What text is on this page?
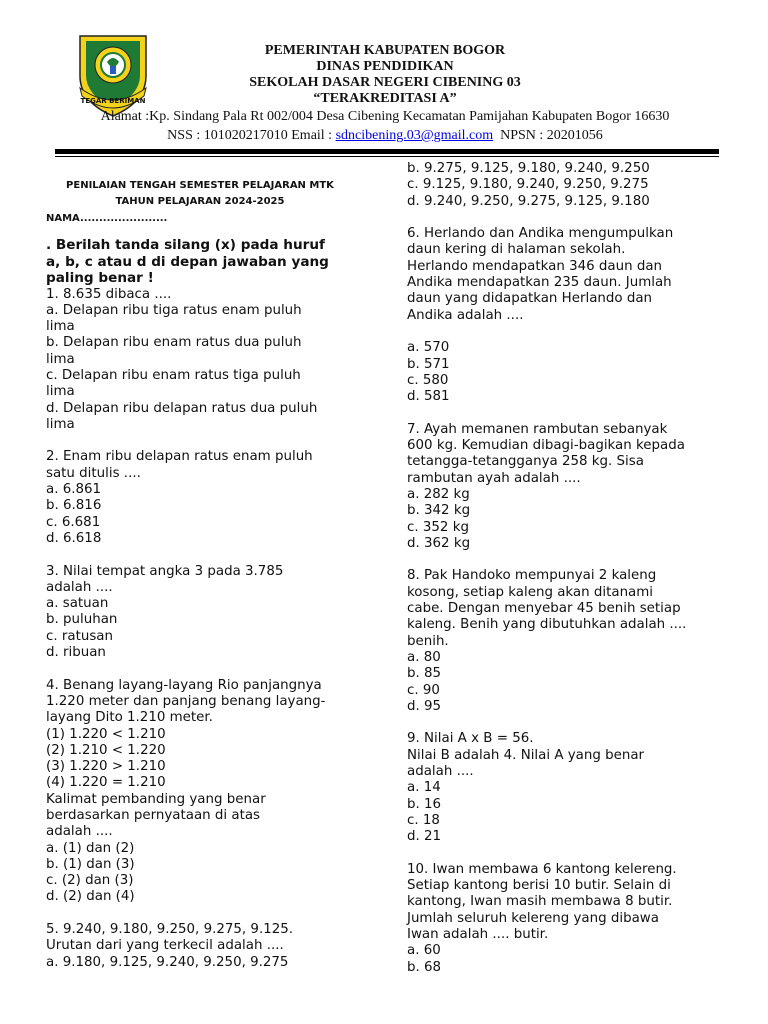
TEGAR BERIMAN
PEMERINTAH KABUPATEN BOGOR
DINAS PENDIDIKAN
SEKOLAH DASAR NEGERI CIBENING 03
“TERAKREDITASI A”
Alamat :Kp. Sindang Pala Rt 002/004 Desa Cibening Kecamatan Pamijahan Kabupaten Bogor 16630
NSS : 101020217010 Email : sdncibening.03@gmail.com NPSN : 20201056
PENILAIAN TENGAH SEMESTER PELAJARAN MTK
TAHUN PELAJARAN 2024-2025
NAMA.......................
. Berilah tanda silang (x) pada huruf
a, b, c atau d di depan jawaban yang
paling benar !
1. 8.635 dibaca ....
a. Delapan ribu tiga ratus enam puluh
lima
b. Delapan ribu enam ratus dua puluh
lima
c. Delapan ribu enam ratus tiga puluh
lima
d. Delapan ribu delapan ratus dua puluh
lima
2. Enam ribu delapan ratus enam puluh
satu ditulis ....
a. 6.861
b. 6.816
c. 6.681
d. 6.618
3. Nilai tempat angka 3 pada 3.785
adalah ....
a. satuan
b. puluhan
c. ratusan
d. ribuan
4. Benang layang-layang Rio panjangnya
1.220 meter dan panjang benang layang-
layang Dito 1.210 meter.
(1) 1.220 < 1.210
(2) 1.210 < 1.220
(3) 1.220 > 1.210
(4) 1.220 = 1.210
Kalimat pembanding yang benar
berdasarkan pernyataan di atas
adalah ....
a. (1) dan (2)
b. (1) dan (3)
c. (2) dan (3)
d. (2) dan (4)
5. 9.240, 9.180, 9.250, 9.275, 9.125.
Urutan dari yang terkecil adalah ....
a. 9.180, 9.125, 9.240, 9.250, 9.275
b. 9.275, 9.125, 9.180, 9.240, 9.250
c. 9.125, 9.180, 9.240, 9.250, 9.275
d. 9.240, 9.250, 9.275, 9.125, 9.180
6. Herlando dan Andika mengumpulkan
daun kering di halaman sekolah.
Herlando mendapatkan 346 daun dan
Andika mendapatkan 235 daun. Jumlah
daun yang didapatkan Herlando dan
Andika adalah ....
a. 570
b. 571
c. 580
d. 581
7. Ayah memanen rambutan sebanyak
600 kg. Kemudian dibagi-bagikan kepada
tetangga-tetangganya 258 kg. Sisa
rambutan ayah adalah ....
a. 282 kg
b. 342 kg
c. 352 kg
d. 362 kg
8. Pak Handoko mempunyai 2 kaleng
kosong, setiap kaleng akan ditanami
cabe. Dengan menyebar 45 benih setiap
kaleng. Benih yang dibutuhkan adalah ....
benih.
a. 80
b. 85
c. 90
d. 95
9. Nilai A x B = 56.
Nilai B adalah 4. Nilai A yang benar
adalah ....
a. 14
b. 16
c. 18
d. 21
10. Iwan membawa 6 kantong kelereng.
Setiap kantong berisi 10 butir. Selain di
kantong, Iwan masih membawa 8 butir.
Jumlah seluruh kelereng yang dibawa
Iwan adalah .... butir.
a. 60
b. 68
